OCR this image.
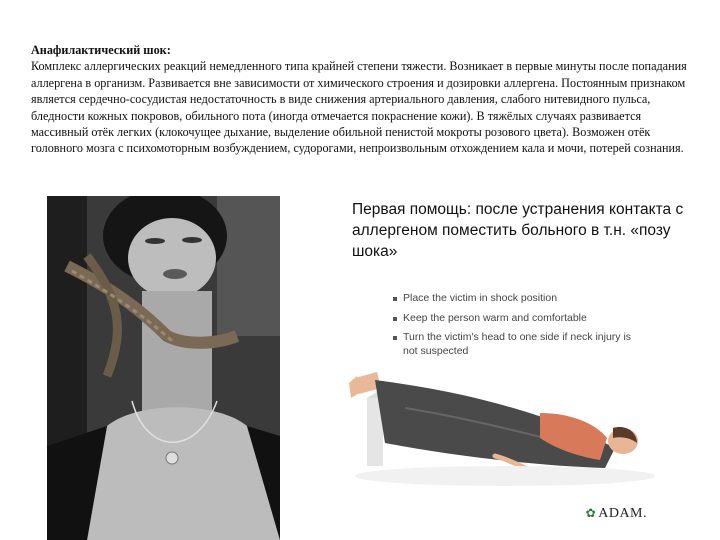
Анафилактический шок:
Комплекс аллергических реакций немедленного типа крайней степени тяжести. Возникает в первые минуты после попадания аллергена в организм. Развивается вне зависимости от химического строения и дозировки аллергена. Постоянным признаком является сердечно-сосудистая недостаточность в виде снижения артериального давления, слабого нитевидного пульса, бледности кожных покровов, обильного пота (иногда отмечается покраснение кожи). В тяжёлых случаях развивается массивный отёк легких (клокочущее дыхание, выделение обильной пенистой мокроты розового цвета). Возможен отёк головного мозга с психомоторным возбуждением, судорогами, непроизвольным отхождением кала и мочи, потерей сознания.
Первая помощь: после устранения контакта с аллергеном поместить больного в т.н. «позу шока»
Place the victim in shock position
Keep the person warm and comfortable
Turn the victim's head to one side if neck injury is not suspected
✿ ADAM.
